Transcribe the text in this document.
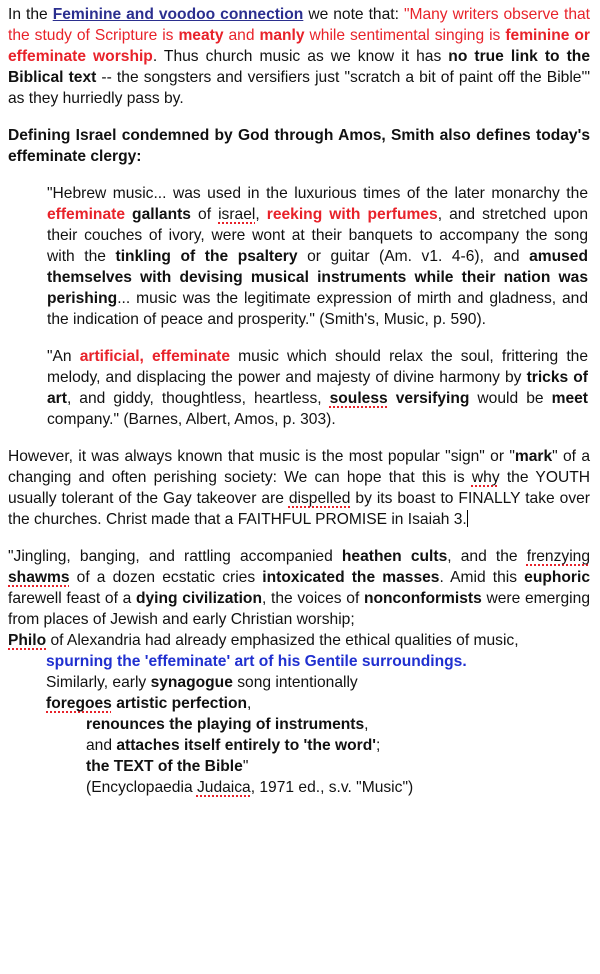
In the Feminine and voodoo connection we note that: "Many writers observe that the study of Scripture is meaty and manly while sentimental singing is feminine or effeminate worship. Thus church music as we know it has no true link to the Biblical text -- the songsters and versifiers just "scratch a bit of paint off the Bible'" as they hurriedly pass by.

Defining Israel condemned by God through Amos, Smith also defines today's effeminate clergy:

"Hebrew music... was used in the luxurious times of the later monarchy the effeminate gallants of israel, reeking with perfumes, and stretched upon their couches of ivory, were wont at their banquets to accompany the song with the tinkling of the psaltery or guitar (Am. v1. 4-6), and amused themselves with devising musical instruments while their nation was perishing... music was the legitimate expression of mirth and gladness, and the indication of peace and prosperity." (Smith's, Music, p. 590).

"An artificial, effeminate music which should relax the soul, frittering the melody, and displacing the power and majesty of divine harmony by tricks of art, and giddy, thoughtless, heartless, souless versifying would be meet company." (Barnes, Albert, Amos, p. 303).

However, it was always known that music is the most popular "sign" or "mark" of a changing and often perishing society: We can hope that this is why the YOUTH usually tolerant of the Gay takeover are dispelled by its boast to FINALLY take over the churches. Christ made that a FAITHFUL PROMISE in Isaiah 3.

"Jingling, banging, and rattling accompanied heathen cults, and the frenzying shawms of a dozen ecstatic cries intoxicated the masses. Amid this euphoric farewell feast of a dying civilization, the voices of nonconformists were emerging from places of Jewish and early Christian worship;

Philo of Alexandria had already emphasized the ethical qualities of music,

spurning the 'effeminate' art of his Gentile surroundings.

Similarly, early synagogue song intentionally

foregoes artistic perfection,

renounces the playing of instruments,

and attaches itself entirely to 'the word';

the TEXT of the Bible"

(Encyclopaedia Judaica, 1971 ed., s.v. "Music")
